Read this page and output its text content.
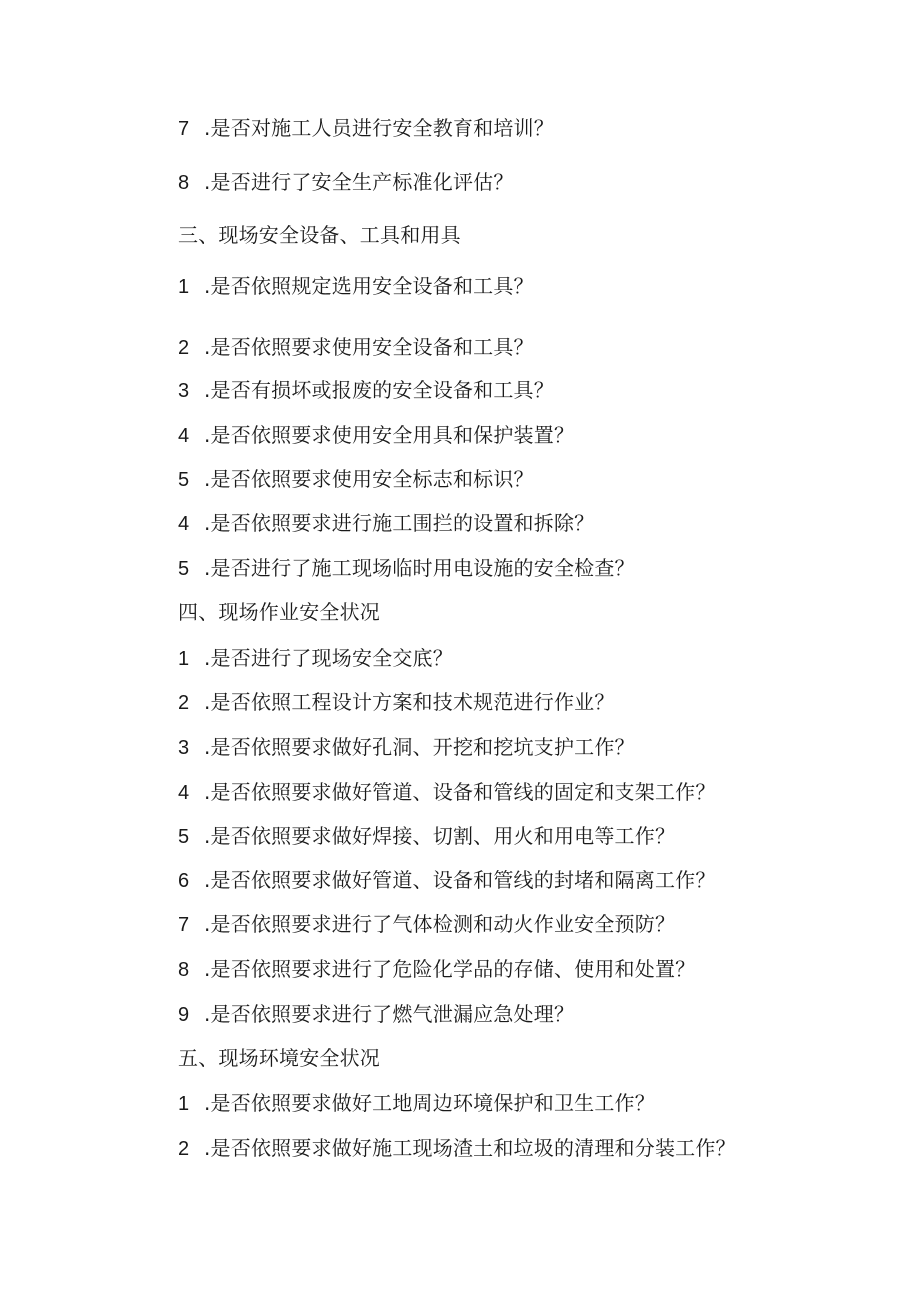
7 .是否对施工人员进行安全教育和培训？
8 .是否进行了安全生产标准化评估？
三、现场安全设备、工具和用具
1 .是否依照规定选用安全设备和工具？
2 .是否依照要求使用安全设备和工具？
3 .是否有损坏或报废的安全设备和工具？
4 .是否依照要求使用安全用具和保护装置？
5 .是否依照要求使用安全标志和标识？
4 .是否依照要求进行施工围拦的设置和拆除？
5 .是否进行了施工现场临时用电设施的安全检查？
四、现场作业安全状况
1 .是否进行了现场安全交底？
2 .是否依照工程设计方案和技术规范进行作业？
3 .是否依照要求做好孔洞、开挖和挖坑支护工作？
4 .是否依照要求做好管道、设备和管线的固定和支架工作？
5 .是否依照要求做好焊接、切割、用火和用电等工作？
6 .是否依照要求做好管道、设备和管线的封堵和隔离工作？
7 .是否依照要求进行了气体检测和动火作业安全预防？
8 .是否依照要求进行了危险化学品的存储、使用和处置？
9 .是否依照要求进行了燃气泄漏应急处理？
五、现场环境安全状况
1 .是否依照要求做好工地周边环境保护和卫生工作？
2 .是否依照要求做好施工现场渣土和垃圾的清理和分装工作？
